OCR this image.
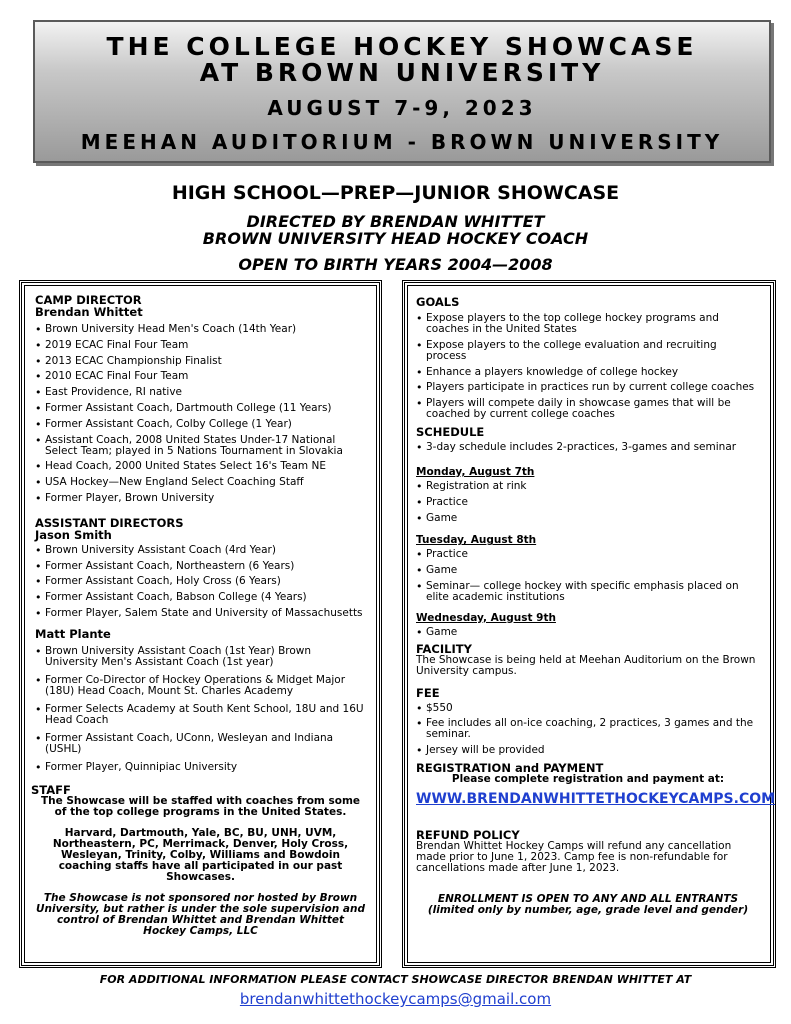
THE COLLEGE HOCKEY SHOWCASE
AT BROWN UNIVERSITY
AUGUST 7-9, 2023
MEEHAN AUDITORIUM - BROWN UNIVERSITY
HIGH SCHOOL—PREP—JUNIOR SHOWCASE
DIRECTED BY BRENDAN WHITTET
BROWN UNIVERSITY HEAD HOCKEY COACH
OPEN TO BIRTH YEARS 2004—2008
CAMP DIRECTOR
Brendan Whittet
• Brown University Head Men's Coach (14th Year)
• 2019 ECAC Final Four Team
• 2013 ECAC Championship Finalist
• 2010 ECAC Final Four Team
• East Providence, RI native
• Former Assistant Coach, Dartmouth College (11 Years)
• Former Assistant Coach, Colby College (1 Year)
• Assistant Coach, 2008 United States Under-17 National Select Team; played in 5 Nations Tournament in Slovakia
• Head Coach, 2000 United States Select 16's Team NE
• USA Hockey—New England Select Coaching Staff
• Former Player, Brown University
ASSISTANT DIRECTORS
Jason Smith
• Brown University Assistant Coach (4rd Year)
• Former Assistant Coach, Northeastern (6 Years)
• Former Assistant Coach, Holy Cross (6 Years)
• Former Assistant Coach, Babson College (4 Years)
• Former Player, Salem State and University of Massachusetts
Matt Plante
• Brown University Assistant Coach (1st Year) Brown University Men's Assistant Coach (1st year)
• Former Co-Director of Hockey Operations & Midget Major (18U) Head Coach, Mount St. Charles Academy
• Former Selects Academy at South Kent School, 18U and 16U Head Coach
• Former Assistant Coach, UConn, Wesleyan and Indiana (USHL)
• Former Player, Quinnipiac University
STAFF
The Showcase will be staffed with coaches from some of the top college programs in the United States.
Harvard, Dartmouth, Yale, BC, BU, UNH, UVM, Northeastern, PC, Merrimack, Denver, Holy Cross, Wesleyan, Trinity, Colby, Williams and Bowdoin coaching staffs have all participated in our past Showcases.
The Showcase is not sponsored nor hosted by Brown University, but rather is under the sole supervision and control of Brendan Whittet and Brendan Whittet Hockey Camps, LLC
GOALS
• Expose players to the top college hockey programs and coaches in the United States
• Expose players to the college evaluation and recruiting process
• Enhance a players knowledge of college hockey
• Players participate in practices run by current college coaches
• Players will compete daily in showcase games that will be coached by current college coaches
SCHEDULE
• 3-day schedule includes 2-practices, 3-games and seminar
Monday, August 7th
• Registration at rink
• Practice
• Game
Tuesday, August 8th
• Practice
• Game
• Seminar— college hockey with specific emphasis placed on elite academic institutions
Wednesday, August 9th
• Game
FACILITY
The Showcase is being held at Meehan Auditorium on the Brown University campus.
FEE
• $550
• Fee includes all on-ice coaching, 2 practices, 3 games and the seminar.
• Jersey will be provided
REGISTRATION and PAYMENT
Please complete registration and payment at:
WWW.BRENDANWHITTETHOCKEYCAMPS.COM
REFUND POLICY
Brendan Whittet Hockey Camps will refund any cancellation made prior to June 1, 2023. Camp fee is non-refundable for cancellations made after June 1, 2023.
ENROLLMENT IS OPEN TO ANY AND ALL ENTRANTS
(limited only by number, age, grade level and gender)
FOR ADDITIONAL INFORMATION PLEASE CONTACT SHOWCASE DIRECTOR BRENDAN WHITTET AT
brendanwhittethockeycamps@gmail.com
